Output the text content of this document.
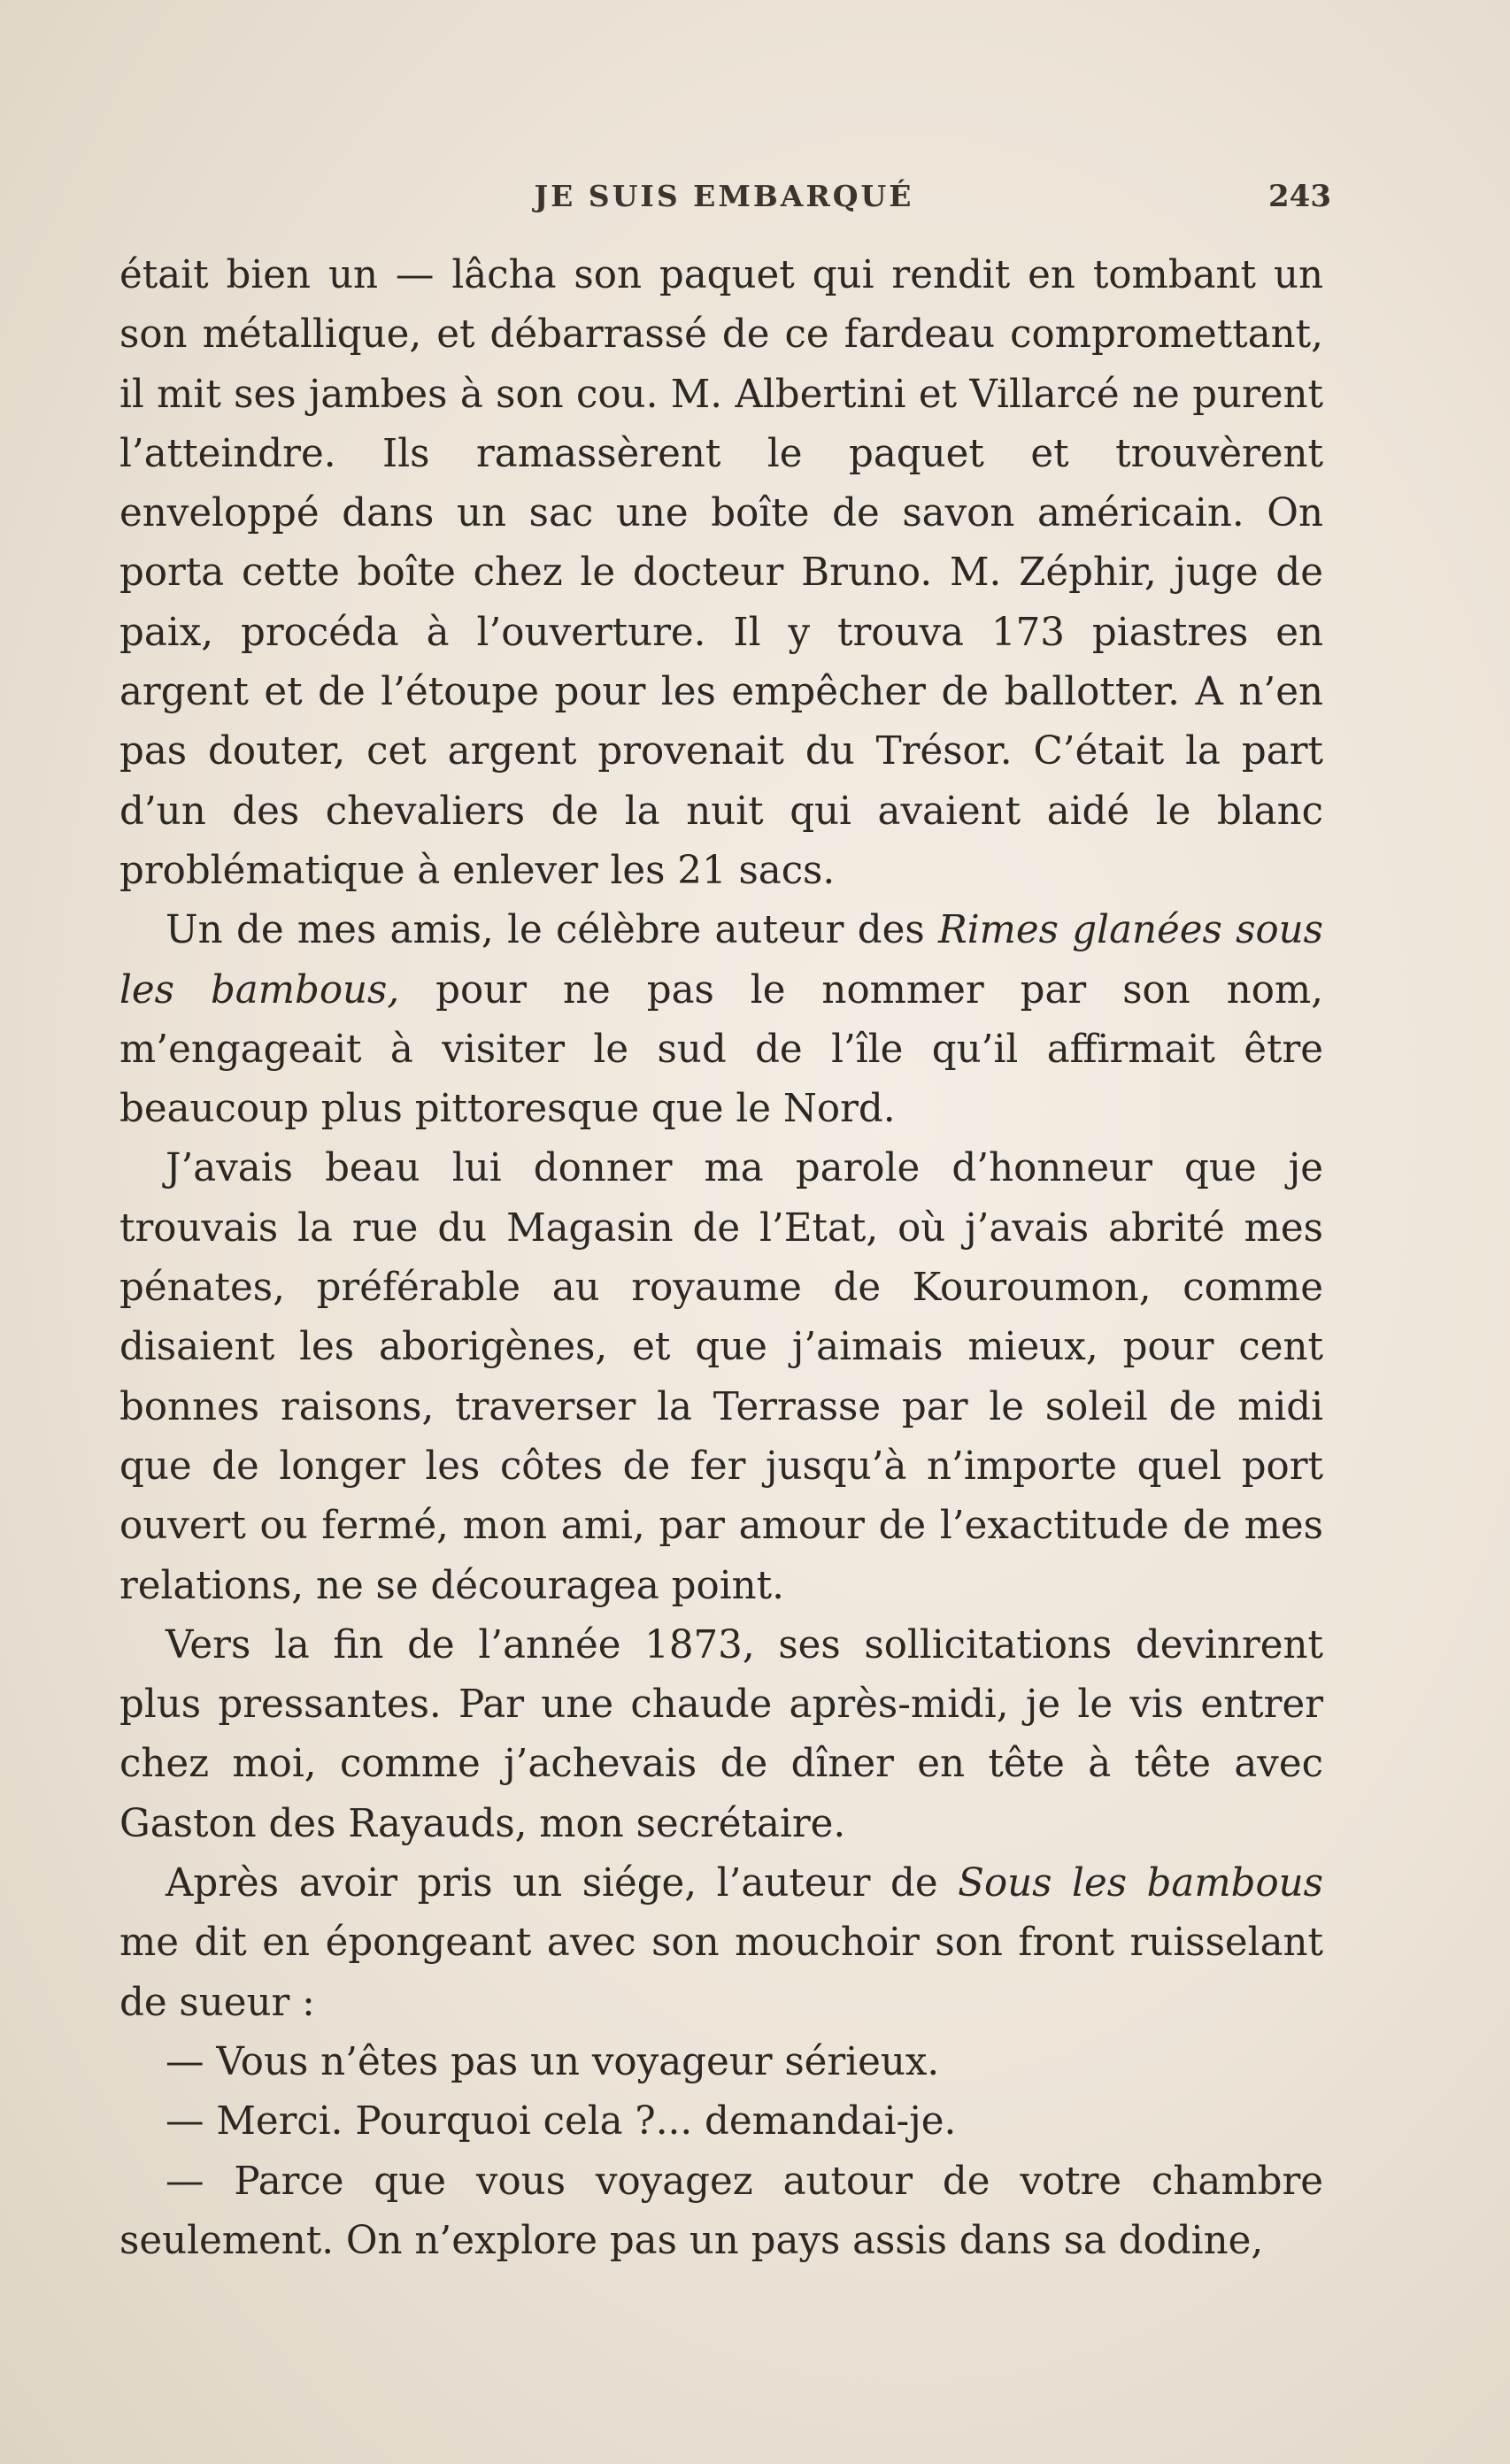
JE SUIS EMBARQUÉ	243

était bien un — lâcha son paquet qui rendit en tombant un son métallique, et débarrassé de ce fardeau compromettant, il mit ses jambes à son cou. M. Albertini et Villarcé ne purent l’atteindre. Ils ramassèrent le paquet et trouvèrent enveloppé dans un sac une boîte de savon américain. On porta cette boîte chez le docteur Bruno. M. Zéphir, juge de paix, procéda à l’ouverture. Il y trouva 173 piastres en argent et de l’étoupe pour les empêcher de ballotter. A n’en pas douter, cet argent provenait du Trésor. C’était la part d’un des chevaliers de la nuit qui avaient aidé le blanc problématique à enlever les 21 sacs.

Un de mes amis, le célèbre auteur des Rimes glanées sous les bambous, pour ne pas le nommer par son nom, m’engageait à visiter le sud de l’île qu’il affirmait être beaucoup plus pittoresque que le Nord.

J’avais beau lui donner ma parole d’honneur que je trouvais la rue du Magasin de l’Etat, où j’avais abrité mes pénates, préférable au royaume de Kouroumon, comme disaient les aborigènes, et que j’aimais mieux, pour cent bonnes raisons, traverser la Terrasse par le soleil de midi que de longer les côtes de fer jusqu’à n’importe quel port ouvert ou fermé, mon ami, par amour de l’exactitude de mes relations, ne se découragea point.

Vers la fin de l’année 1873, ses sollicitations devinrent plus pressantes. Par une chaude après-midi, je le vis entrer chez moi, comme j’achevais de dîner en tête à tête avec Gaston des Rayauds, mon secrétaire.

Après avoir pris un siége, l’auteur de Sous les bambous me dit en épongeant avec son mouchoir son front ruisselant de sueur :

— Vous n’êtes pas un voyageur sérieux.

— Merci. Pourquoi cela ?... demandai-je.

— Parce que vous voyagez autour de votre chambre seulement. On n’explore pas un pays assis dans sa dodine,
